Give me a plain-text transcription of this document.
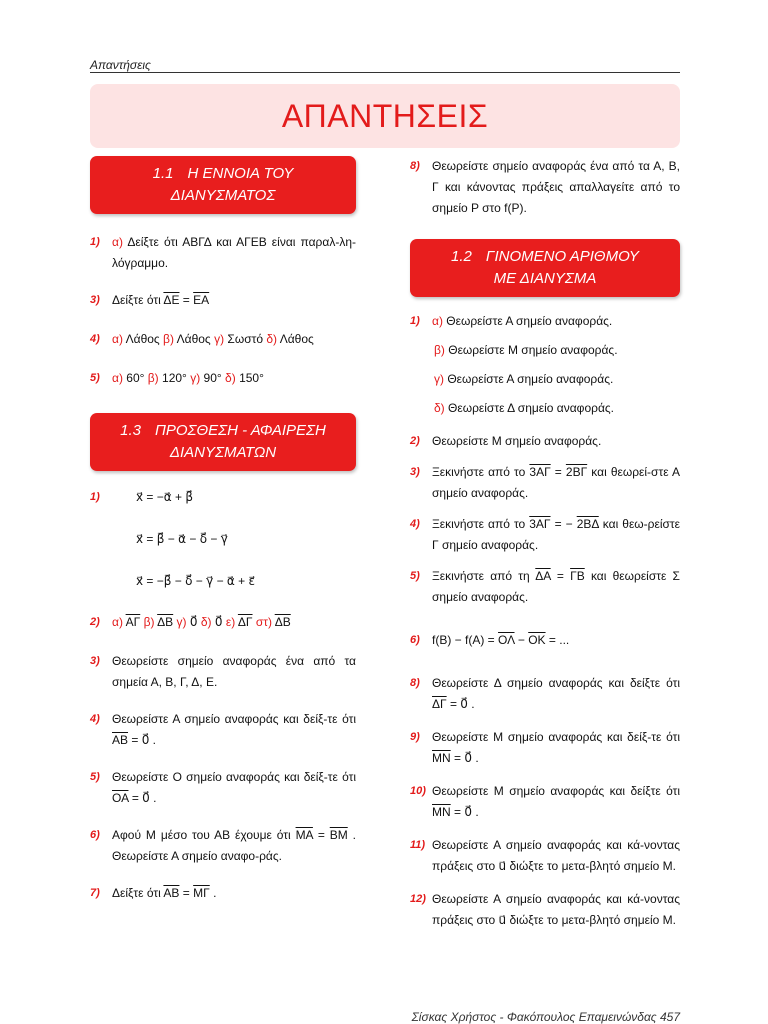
Απαντήσεις
ΑΠΑΝΤΗΣΕΙΣ
1.1 Η ΕΝΝΟΙΑ ΤΟΥ
ΔΙΑΝΥΣΜΑΤΟΣ
1) α) Δείξτε ότι ΑΒΓΔ και ΑΓΕΒ είναι παραλ-ληλόγραμμο.
3) Δείξτε ότι $\overline{\Delta E} = \overline{EA}$
4) α) Λάθος β) Λάθος γ) Σωστό δ) Λάθος
5) α) 60° β) 120° γ) 90° δ) 150°
1.3 ΠΡΟΣΘΕΣΗ - ΑΦΑΙΡΕΣΗ
ΔΙΑΝΥΣΜΑΤΩΝ
1)	x⃗ = −α⃗ + β⃗
x⃗ = β⃗ − α⃗ − δ⃗ − γ⃗
x⃗ = −β⃗ − δ⃗ − γ⃗ − α⃗ + ε⃗
2) α) $\overline{A\Gamma}$ β) $\overline{\Delta B}$ γ) 0⃗ δ) 0⃗ ε) $\overline{\Delta\Gamma}$ στ) $\overline{\Delta B}$
3) Θεωρείστε σημείο αναφοράς ένα από τα σημεία Α, Β, Γ, Δ, Ε.
4) Θεωρείστε Α σημείο αναφοράς και δείξ-τε ότι $\overline{AB}$ = 0⃗ .
5) Θεωρείστε Ο σημείο αναφοράς και δείξ-τε ότι $\overline{OA}$ = 0⃗ .
6) Αφού Μ μέσο του ΑΒ έχουμε ότι $\overline{MA} = \overline{BM}$ . Θεωρείστε Α σημείο αναφο-ράς.
7) Δείξτε ότι $\overline{AB} = \overline{M\Gamma}$ .
8) Θεωρείστε σημείο αναφοράς ένα από τα Α, Β, Γ και κάνοντας πράξεις απαλλαγείτε από το σημείο Ρ στο f(Ρ).
1.2 ΓΙΝΟΜΕΝΟ ΑΡΙΘΜΟΥ
ΜΕ ΔΙΑΝΥΣΜΑ
1) α) Θεωρείστε Α σημείο αναφοράς.
β) Θεωρείστε Μ σημείο αναφοράς.
γ) Θεωρείστε Α σημείο αναφοράς.
δ) Θεωρείστε Δ σημείο αναφοράς.
2) Θεωρείστε Μ σημείο αναφοράς.
3) Ξεκινήστε από το 3ΑΓ = 2ΒΓ και θεωρεί-στε Α σημείο αναφοράς.
4) Ξεκινήστε από το 3ΑΓ = − 2ΒΔ και θεω-ρείστε Γ σημείο αναφοράς.
5) Ξεκινήστε από τη $\overline{\Delta A} = \overline{\Gamma B}$ και θεωρείστε Σ σημείο αναφοράς.
6) $f(B) - f(A) = \overline{O\Lambda} - \overline{OK}$ = ...
8) Θεωρείστε Δ σημείο αναφοράς και δείξτε ότι $\overline{\Delta\Gamma}$ = 0⃗ .
9) Θεωρείστε Μ σημείο αναφοράς και δείξ-τε ότι $\overline{MN}$ = 0⃗ .
10) Θεωρείστε Μ σημείο αναφοράς και δείξτε ότι $\overline{MN}$ = 0⃗ .
11) Θεωρείστε Α σημείο αναφοράς και κά-νοντας πράξεις στο u⃗ διώξτε το μετα-βλητό σημείο Μ.
12) Θεωρείστε Α σημείο αναφοράς και κά-νοντας πράξεις στο u⃗ διώξτε το μετα-βλητό σημείο Μ.
Σίσκας Χρήστος - Φακόπουλος Επαμεινώνδας 457
